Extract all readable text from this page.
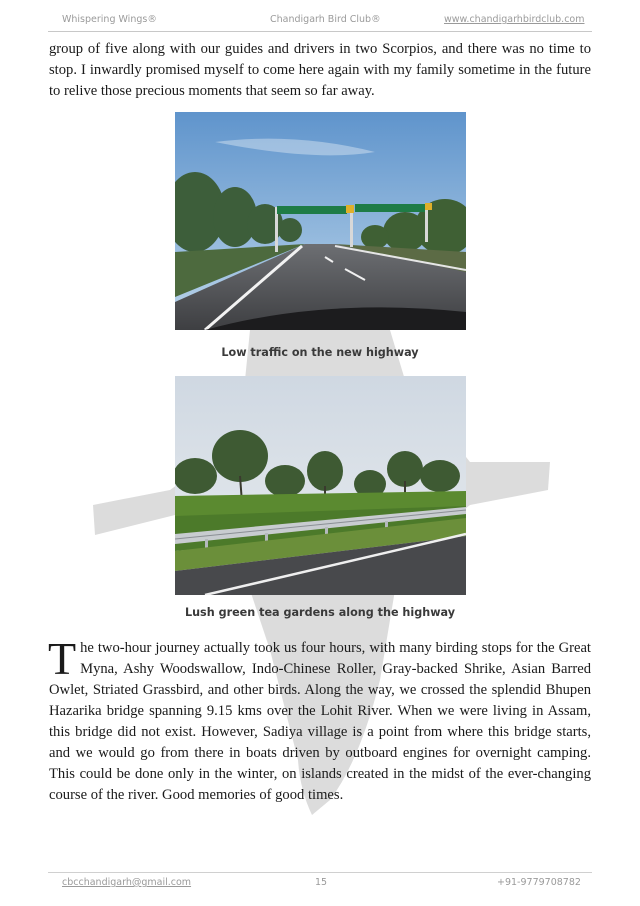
Whispering Wings®	Chandigarh Bird Club®	www.chandigarhbirdclub.com

group of five along with our guides and drivers in two Scorpios, and there was no time to stop. I inwardly promised myself to come here again with my family sometime in the future to relive those precious moments that seem so far away.

Low traffic on the new highway
Lush green tea gardens along the highway

The two-hour journey actually took us four hours, with many birding stops for the Great Myna, Ashy Woodswallow, Indo-Chinese Roller, Gray-backed Shrike, Asian Barred Owlet, Striated Grassbird, and other birds. Along the way, we crossed the splendid Bhupen Hazarika bridge spanning 9.15 kms over the Lohit River. When we were living in Assam, this bridge did not exist. However, Sadiya village is a point from where this bridge starts, and we would go from there in boats driven by outboard engines for overnight camping. This could be done only in the winter, on islands created in the midst of the ever-changing course of the river. Good memories of good times.

cbcchandigarh@gmail.com	15	+91-9779708782
